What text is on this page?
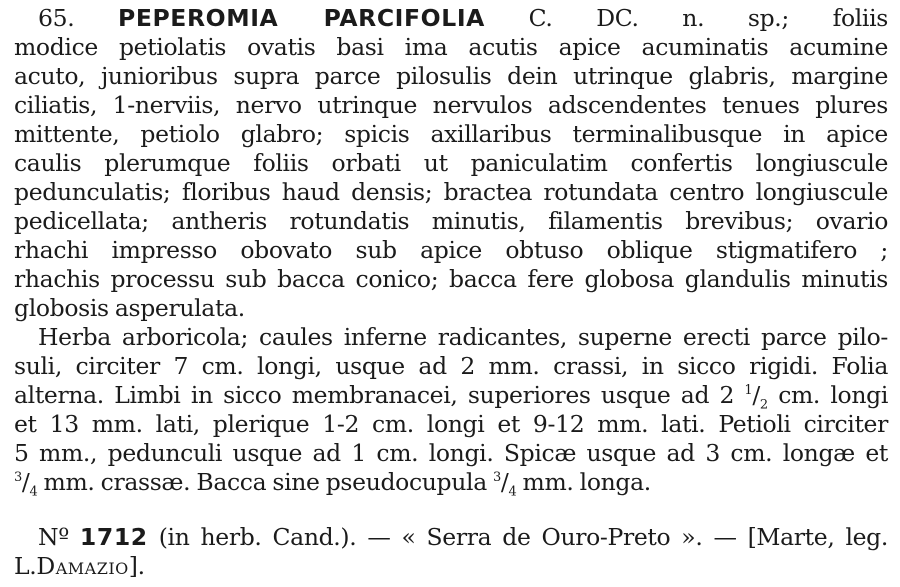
65. PEPEROMIA PARCIFOLIA C. DC. n. sp.; foliis
modice petiolatis ovatis basi ima acutis apice acuminatis acumine
acuto, junioribus supra parce pilosulis dein utrinque glabris, margine
ciliatis, 1-nerviis, nervo utrinque nervulos adscendentes tenues plures
mittente, petiolo glabro; spicis axillaribus terminalibusque in apice
caulis plerumque foliis orbati ut paniculatim confertis longiuscule
pedunculatis; floribus haud densis; bractea rotundata centro longiuscule
pedicellata; antheris rotundatis minutis, filamentis brevibus; ovario
rhachi impresso obovato sub apice obtuso oblique stigmatifero ;
rhachis processu sub bacca conico; bacca fere globosa glandulis minutis
globosis asperulata.
Herba arboricola; caules inferne radicantes, superne erecti parce pilo-
suli, circiter 7 cm. longi, usque ad 2 mm. crassi, in sicco rigidi. Folia
alterna. Limbi in sicco membranacei, superiores usque ad 2 $^1/_2$ cm. longi
et 13 mm. lati, plerique 1-2 cm. longi et 9-12 mm. lati. Petioli circiter
5 mm., pedunculi usque ad 1 cm. longi. Spicæ usque ad 3 cm. longæ et
$^3/_4$ mm. crassæ. Bacca sine pseudocupula $^3/_4$ mm. longa.
Nº 1712 (in herb. Cand.). — « Serra de Ouro-Preto ». — [Marte, leg.
L.Damazio].
